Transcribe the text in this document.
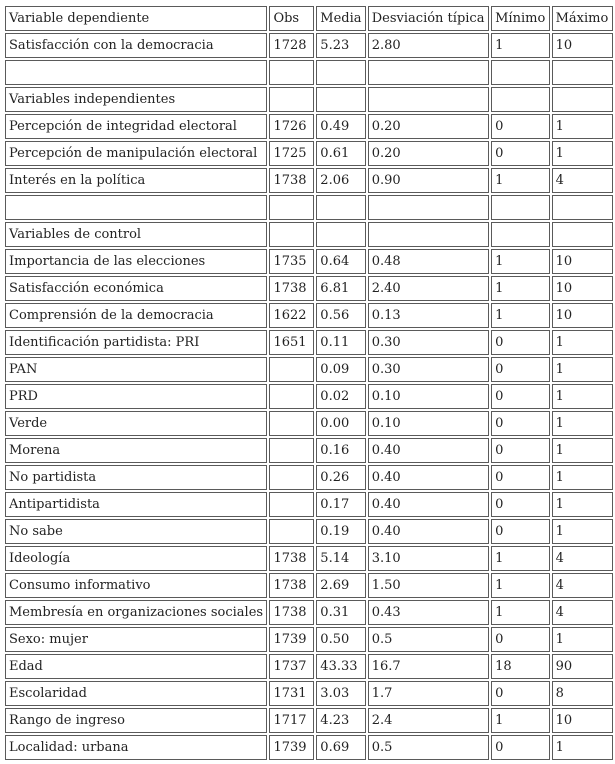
Variable dependiente	Obs	Media	Desviación típica	Mínimo	Máximo
Satisfacción con la democracia	1728	5.23	2.80	1	10

Variables independientes					
Percepción de integridad electoral	1726	0.49	0.20	0	1
Percepción de manipulación electoral	1725	0.61	0.20	0	1
Interés en la política	1738	2.06	0.90	1	4

Variables de control					
Importancia de las elecciones	1735	0.64	0.48	1	10
Satisfacción económica	1738	6.81	2.40	1	10
Comprensión de la democracia	1622	0.56	0.13	1	10
Identificación partidista: PRI	1651	0.11	0.30	0	1
PAN		0.09	0.30	0	1
PRD		0.02	0.10	0	1
Verde		0.00	0.10	0	1
Morena		0.16	0.40	0	1
No partidista		0.26	0.40	0	1
Antipartidista		0.17	0.40	0	1
No sabe		0.19	0.40	0	1
Ideología	1738	5.14	3.10	1	4
Consumo informativo	1738	2.69	1.50	1	4
Membresía en organizaciones sociales	1738	0.31	0.43	1	4
Sexo: mujer	1739	0.50	0.5	0	1
Edad	1737	43.33	16.7	18	90
Escolaridad	1731	3.03	1.7	0	8
Rango de ingreso	1717	4.23	2.4	1	10
Localidad: urbana	1739	0.69	0.5	0	1
